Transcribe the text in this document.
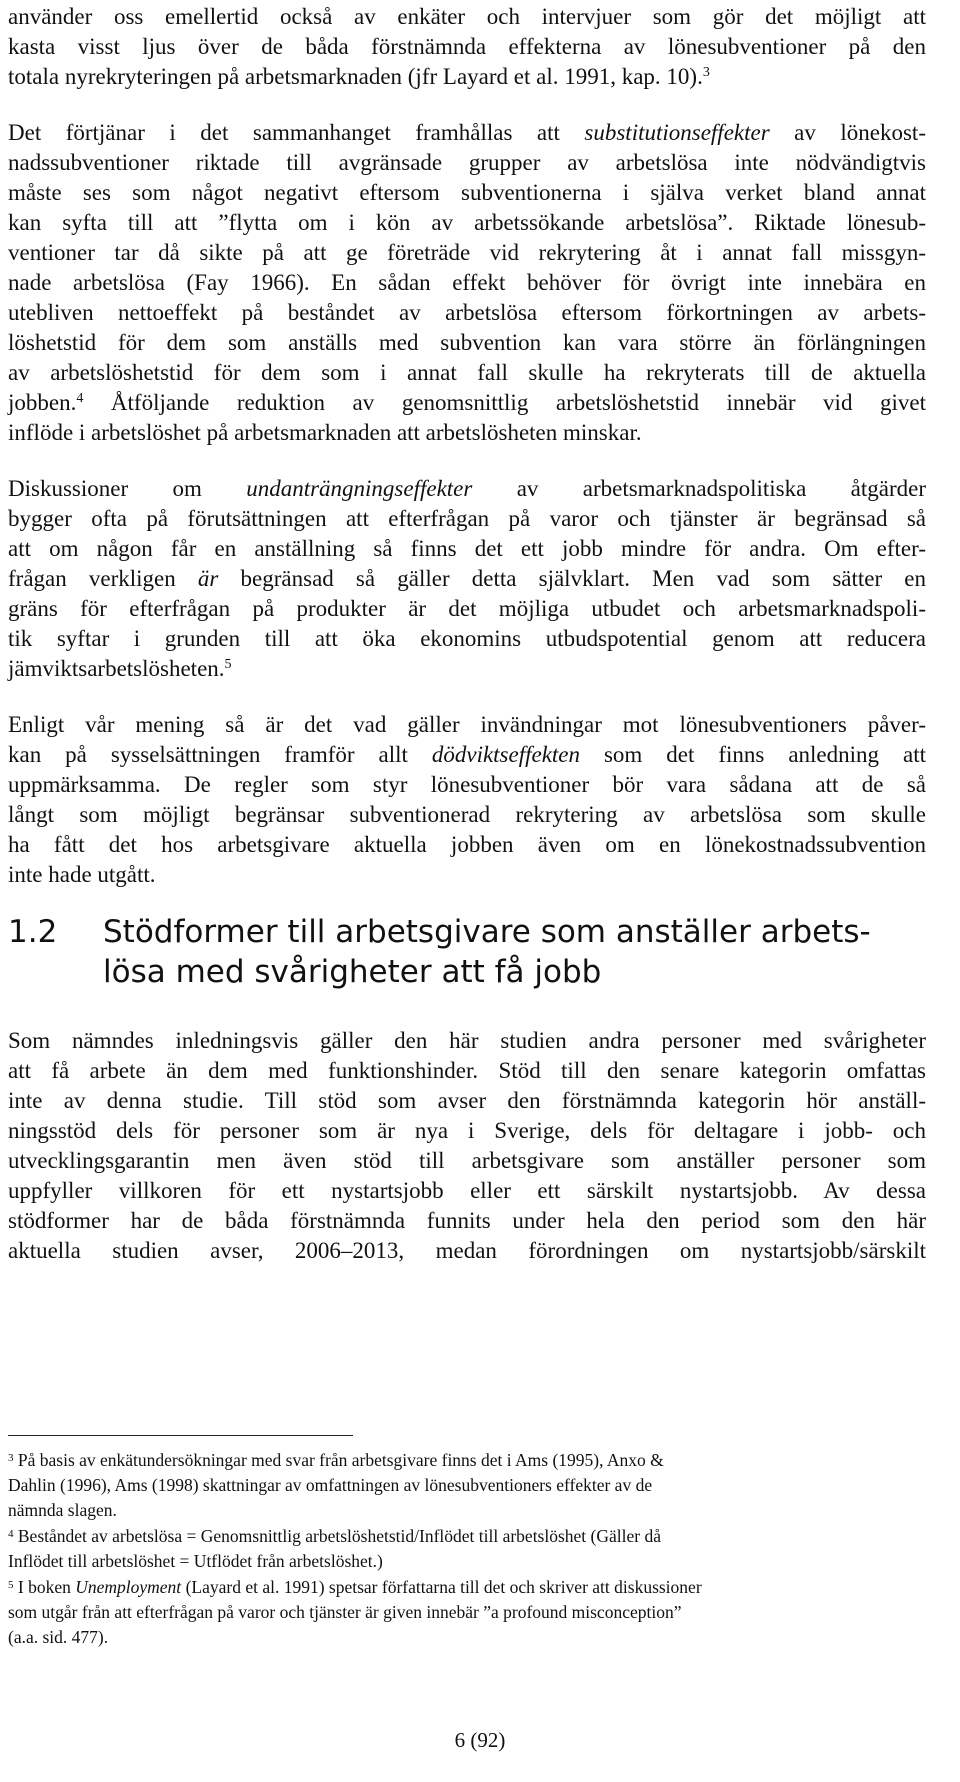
använder oss emellertid också av enkäter och intervjuer som gör det möjligt att
kasta visst ljus över de båda förstnämnda effekterna av lönesubventioner på den
totala nyrekryteringen på arbetsmarknaden (jfr Layard et al. 1991, kap. 10).$^3$
Det förtjänar i det sammanhanget framhållas att substitutionseffekter av lönekost-
nadssubventioner riktade till avgränsade grupper av arbetslösa inte nödvändigtvis
måste ses som något negativt eftersom subventionerna i själva verket bland annat
kan syfta till att ”flytta om i kön av arbetssökande arbetslösa”. Riktade lönesub-
ventioner tar då sikte på att ge företräde vid rekrytering åt i annat fall missgyn-
nade arbetslösa (Fay 1966). En sådan effekt behöver för övrigt inte innebära en
utebliven nettoeffekt på beståndet av arbetslösa eftersom förkortningen av arbets-
löshetstid för dem som anställs med subvention kan vara större än förlängningen
av arbetslöshetstid för dem som i annat fall skulle ha rekryterats till de aktuella
jobben.$^4$ Åtföljande reduktion av genomsnittlig arbetslöshetstid innebär vid givet
inflöde i arbetslöshet på arbetsmarknaden att arbetslösheten minskar.
Diskussioner om undanträngningseffekter av arbetsmarknadspolitiska åtgärder
bygger ofta på förutsättningen att efterfrågan på varor och tjänster är begränsad så
att om någon får en anställning så finns det ett jobb mindre för andra. Om efter-
frågan verkligen är begränsad så gäller detta självklart. Men vad som sätter en
gräns för efterfrågan på produkter är det möjliga utbudet och arbetsmarknadspoli-
tik syftar i grunden till att öka ekonomins utbudspotential genom att reducera
jämviktsarbetslösheten.$^5$
Enligt vår mening så är det vad gäller invändningar mot lönesubventioners påver-
kan på sysselsättningen framför allt dödviktseffekten som det finns anledning att
uppmärksamma. De regler som styr lönesubventioner bör vara sådana att de så
långt som möjligt begränsar subventionerad rekrytering av arbetslösa som skulle
ha fått det hos arbetsgivare aktuella jobben även om en lönekostnadssubvention
inte hade utgått.
1.2 Stödformer till arbetsgivare som anställer arbets-
lösa med svårigheter att få jobb
Som nämndes inledningsvis gäller den här studien andra personer med svårigheter
att få arbete än dem med funktionshinder. Stöd till den senare kategorin omfattas
inte av denna studie. Till stöd som avser den förstnämnda kategorin hör anställ-
ningsstöd dels för personer som är nya i Sverige, dels för deltagare i jobb- och
utvecklingsgarantin men även stöd till arbetsgivare som anställer personer som
uppfyller villkoren för ett nystartsjobb eller ett särskilt nystartsjobb. Av dessa
stödformer har de båda förstnämnda funnits under hela den period som den här
aktuella studien avser, 2006–2013, medan förordningen om nystartsjobb/särskilt
$^3$ På basis av enkätundersökningar med svar från arbetsgivare finns det i Ams (1995), Anxo &
Dahlin (1996), Ams (1998) skattningar av omfattningen av lönesubventioners effekter av de
nämnda slagen.
$^4$ Beståndet av arbetslösa = Genomsnittlig arbetslöshetstid/Inflödet till arbetslöshet (Gäller då
Inflödet till arbetslöshet = Utflödet från arbetslöshet.)
$^5$ I boken Unemployment (Layard et al. 1991) spetsar författarna till det och skriver att diskussioner
som utgår från att efterfrågan på varor och tjänster är given innebär ”a profound misconception”
(a.a. sid. 477).
6 (92)
